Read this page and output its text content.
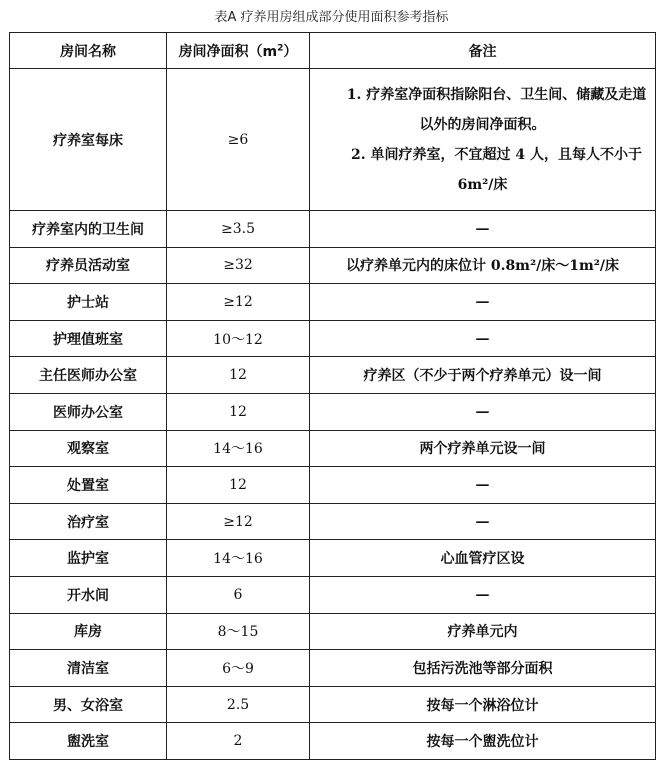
表A 疗养用房组成部分使用面积参考指标
房间名称	房间净面积$(m^2)$	备注
疗养室每床	≥6	1. 疗养室净面积指除阳台、卫生间、储藏及走道以外的房间净面积。
2. 单间疗养室，不宜超过 4 人，且每人不小于 6m²/床

疗养室内的卫生间	≥3.5	—
疗养员活动室	≥32	以疗养单元内的床位计 0.8m²/床～1m²/床
护士站	≥12	—
护理值班室	10～12	—
主任医师办公室	12	疗养区（不少于两个疗养单元）设一间
医师办公室	12	—
观察室	14～16	两个疗养单元设一间
处置室	12	—
治疗室	≥12	—
监护室	14～16	心血管疗区设
开水间	6	—
库房	8～15	疗养单元内
清洁室	6～9	包括污洗池等部分面积
男、女浴室	2.5	按每一个淋浴位计
盥洗室	2	按每一个盥洗位计
